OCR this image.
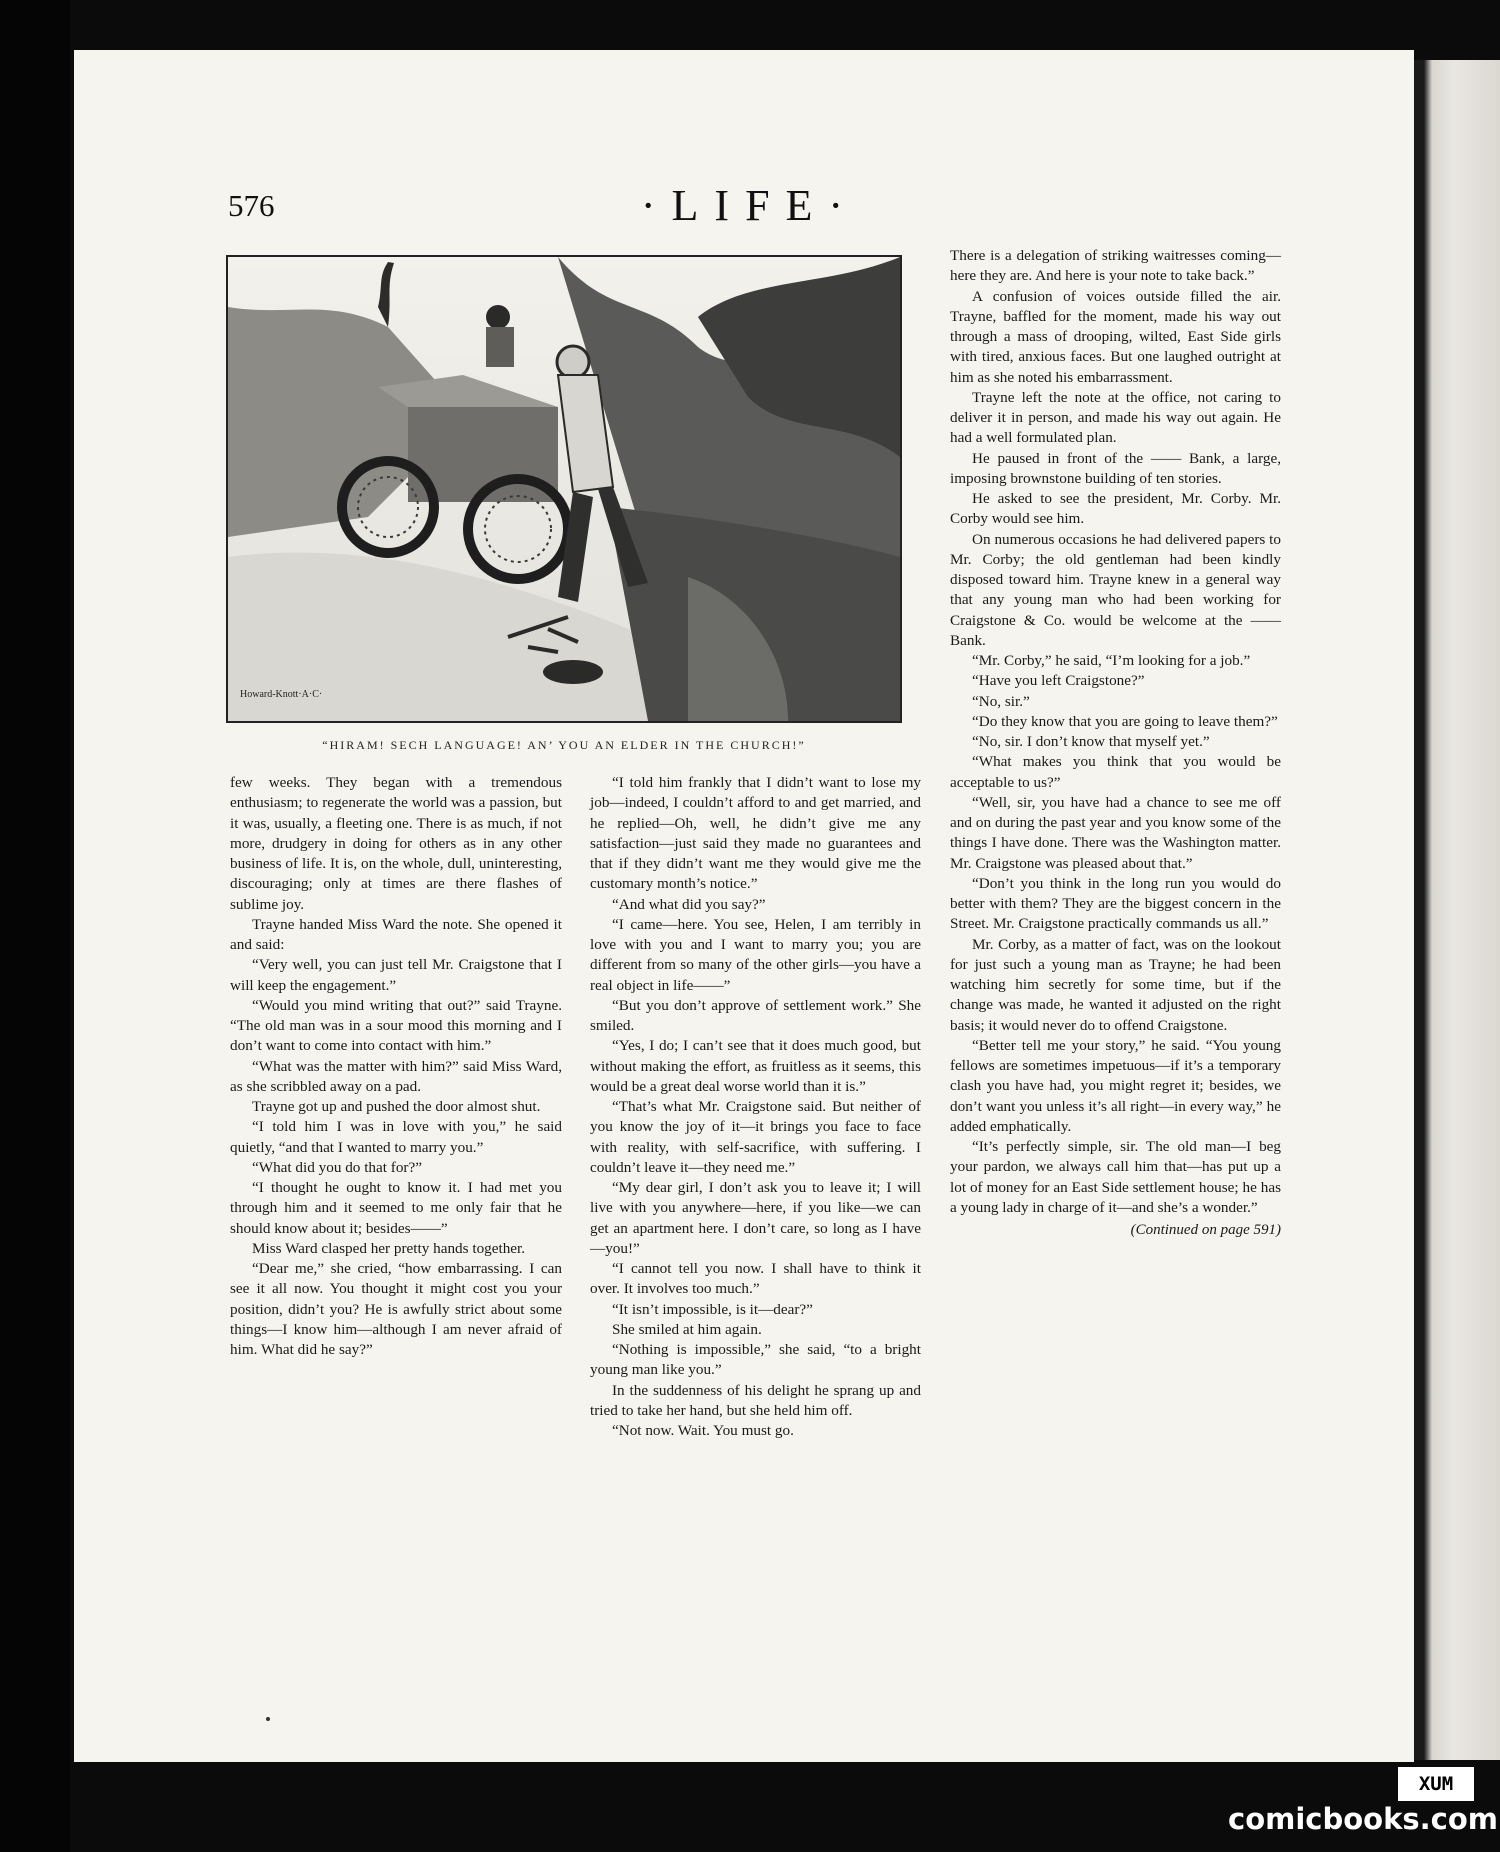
576	·LIFE·
Howard-Knott·A·C·
“HIRAM! SECH LANGUAGE! AN’ YOU AN ELDER IN THE CHURCH!”

few weeks. They began with a tremendous enthusiasm; to regenerate the world was a passion, but it was, usually, a fleeting one. There is as much, if not more, drudgery in doing for others as in any other business of life. It is, on the whole, dull, uninteresting, discouraging; only at times are there flashes of sublime joy.

Trayne handed Miss Ward the note. She opened it and said:

“Very well, you can just tell Mr. Craigstone that I will keep the engagement.”

“Would you mind writing that out?” said Trayne. “The old man was in a sour mood this morning and I don’t want to come into contact with him.”

“What was the matter with him?” said Miss Ward, as she scribbled away on a pad.

Trayne got up and pushed the door almost shut.

“I told him I was in love with you,” he said quietly, “and that I wanted to marry you.”

“What did you do that for?”

“I thought he ought to know it. I had met you through him and it seemed to me only fair that he should know about it; besides——”

Miss Ward clasped her pretty hands together.

“Dear me,” she cried, “how embarrassing. I can see it all now. You thought it might cost you your position, didn’t you? He is awfully strict about some things—I know him—although I am never afraid of him. What did he say?”

“I told him frankly that I didn’t want to lose my job—indeed, I couldn’t afford to and get married, and he replied—Oh, well, he didn’t give me any satisfaction—just said they made no guarantees and that if they didn’t want me they would give me the customary month’s notice.”

“And what did you say?”

“I came—here. You see, Helen, I am terribly in love with you and I want to marry you; you are different from so many of the other girls—you have a real object in life——”

“But you don’t approve of settlement work.” She smiled.

“Yes, I do; I can’t see that it does much good, but without making the effort, as fruitless as it seems, this would be a great deal worse world than it is.”

“That’s what Mr. Craigstone said. But neither of you know the joy of it—it brings you face to face with reality, with self-sacrifice, with suffering. I couldn’t leave it—they need me.”

“My dear girl, I don’t ask you to leave it; I will live with you anywhere—here, if you like—we can get an apartment here. I don’t care, so long as I have—you!”

“I cannot tell you now. I shall have to think it over. It involves too much.”

“It isn’t impossible, is it—dear?”

She smiled at him again.

“Nothing is impossible,” she said, “to a bright young man like you.”

In the suddenness of his delight he sprang up and tried to take her hand, but she held him off.

“Not now. Wait. You must go.

There is a delegation of striking waitresses coming—here they are. And here is your note to take back.”

A confusion of voices outside filled the air. Trayne, baffled for the moment, made his way out through a mass of drooping, wilted, East Side girls with tired, anxious faces. But one laughed outright at him as she noted his embarrassment.

Trayne left the note at the office, not caring to deliver it in person, and made his way out again. He had a well formulated plan.

He paused in front of the —— Bank, a large, imposing brownstone building of ten stories.

He asked to see the president, Mr. Corby. Mr. Corby would see him.

On numerous occasions he had delivered papers to Mr. Corby; the old gentleman had been kindly disposed toward him. Trayne knew in a general way that any young man who had been working for Craigstone & Co. would be welcome at the —— Bank.

“Mr. Corby,” he said, “I’m looking for a job.”

“Have you left Craigstone?”

“No, sir.”

“Do they know that you are going to leave them?”

“No, sir. I don’t know that myself yet.”

“What makes you think that you would be acceptable to us?”

“Well, sir, you have had a chance to see me off and on during the past year and you know some of the things I have done. There was the Washington matter. Mr. Craigstone was pleased about that.”

“Don’t you think in the long run you would do better with them? They are the biggest concern in the Street. Mr. Craigstone practically commands us all.”

Mr. Corby, as a matter of fact, was on the lookout for just such a young man as Trayne; he had been watching him secretly for some time, but if the change was made, he wanted it adjusted on the right basis; it would never do to offend Craigstone.

“Better tell me your story,” he said. “You young fellows are sometimes impetuous—if it’s a temporary clash you have had, you might regret it; besides, we don’t want you unless it’s all right—in every way,” he added emphatically.

“It’s perfectly simple, sir. The old man—I beg your pardon, we always call him that—has put up a lot of money for an East Side settlement house; he has a young lady in charge of it—and she’s a wonder.”

(Continued on page 591)
XUM
comicbooks.com
